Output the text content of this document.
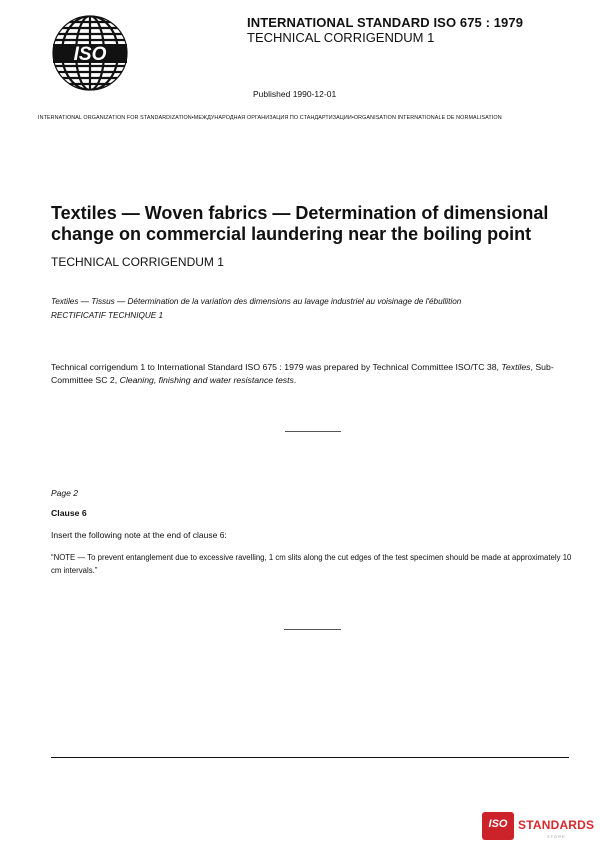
ISO
INTERNATIONAL STANDARD ISO 675 : 1979
TECHNICAL CORRIGENDUM 1
Published 1990-12-01
INTERNATIONAL ORGANIZATION FOR STANDARDIZATION•МЕЖДУНАРОДНАЯ ОРГАНИЗАЦИЯ ПО СТАНДАРТИЗАЦИИ•ORGANISATION INTERNATIONALE DE NORMALISATION
Textiles — Woven fabrics — Determination of dimensional change on commercial laundering near the boiling point
TECHNICAL CORRIGENDUM 1
Textiles — Tissus — Détermination de la variation des dimensions au lavage industriel au voisinage de l'ébullition
RECTIFICATIF TECHNIQUE 1
Technical corrigendum 1 to International Standard ISO 675 : 1979 was prepared by Technical Committee ISO/TC 38, Textiles, Sub-Committee SC 2, Cleaning, finishing and water resistance tests.
Page 2
Clause 6
Insert the following note at the end of clause 6:
“NOTE — To prevent entanglement due to excessive ravelling, 1 cm slits along the cut edges of the test specimen should be made at approximately 10 cm intervals.”
ISO STANDARDS
STORE
